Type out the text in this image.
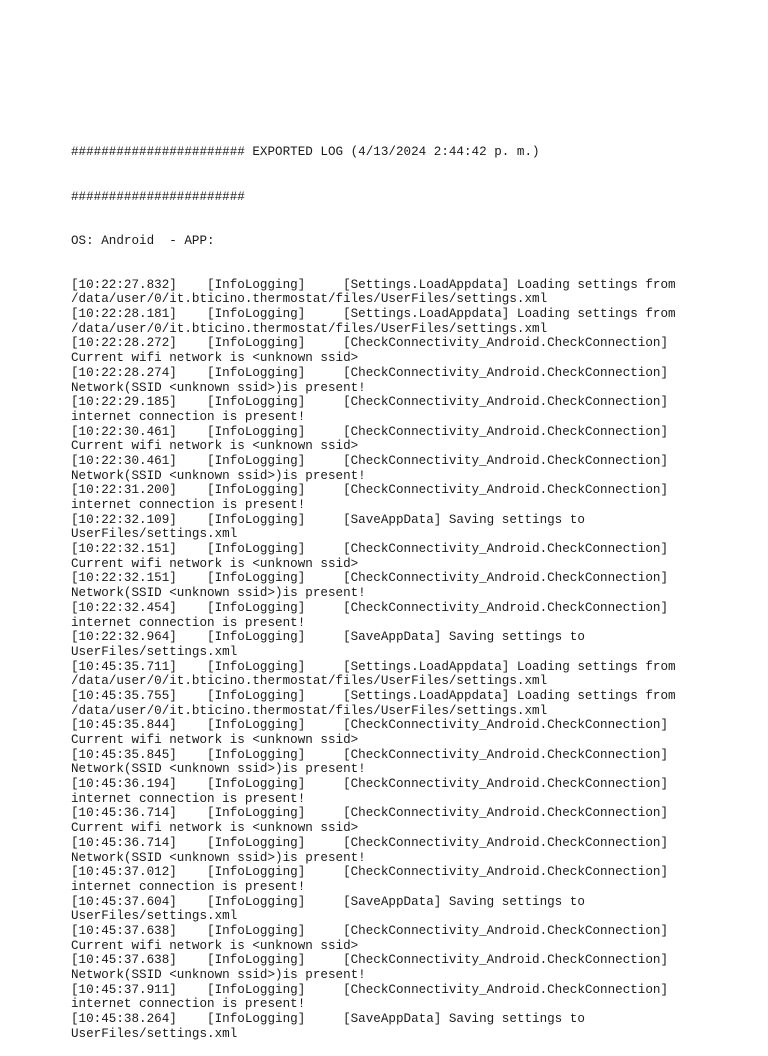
####################### EXPORTED LOG (4/13/2024 2:44:42 p. m.)

#######################

OS: Android  - APP:

[10:22:27.832]    [InfoLogging]     [Settings.LoadAppdata] Loading settings from
/data/user/0/it.bticino.thermostat/files/UserFiles/settings.xml
[10:22:28.181]    [InfoLogging]     [Settings.LoadAppdata] Loading settings from
/data/user/0/it.bticino.thermostat/files/UserFiles/settings.xml
[10:22:28.272]    [InfoLogging]     [CheckConnectivity_Android.CheckConnection]
Current wifi network is <unknown ssid>
[10:22:28.274]    [InfoLogging]     [CheckConnectivity_Android.CheckConnection]
Network(SSID <unknown ssid>)is present!
[10:22:29.185]    [InfoLogging]     [CheckConnectivity_Android.CheckConnection]
internet connection is present!
[10:22:30.461]    [InfoLogging]     [CheckConnectivity_Android.CheckConnection]
Current wifi network is <unknown ssid>
[10:22:30.461]    [InfoLogging]     [CheckConnectivity_Android.CheckConnection]
Network(SSID <unknown ssid>)is present!
[10:22:31.200]    [InfoLogging]     [CheckConnectivity_Android.CheckConnection]
internet connection is present!
[10:22:32.109]    [InfoLogging]     [SaveAppData] Saving settings to
UserFiles/settings.xml
[10:22:32.151]    [InfoLogging]     [CheckConnectivity_Android.CheckConnection]
Current wifi network is <unknown ssid>
[10:22:32.151]    [InfoLogging]     [CheckConnectivity_Android.CheckConnection]
Network(SSID <unknown ssid>)is present!
[10:22:32.454]    [InfoLogging]     [CheckConnectivity_Android.CheckConnection]
internet connection is present!
[10:22:32.964]    [InfoLogging]     [SaveAppData] Saving settings to
UserFiles/settings.xml
[10:45:35.711]    [InfoLogging]     [Settings.LoadAppdata] Loading settings from
/data/user/0/it.bticino.thermostat/files/UserFiles/settings.xml
[10:45:35.755]    [InfoLogging]     [Settings.LoadAppdata] Loading settings from
/data/user/0/it.bticino.thermostat/files/UserFiles/settings.xml
[10:45:35.844]    [InfoLogging]     [CheckConnectivity_Android.CheckConnection]
Current wifi network is <unknown ssid>
[10:45:35.845]    [InfoLogging]     [CheckConnectivity_Android.CheckConnection]
Network(SSID <unknown ssid>)is present!
[10:45:36.194]    [InfoLogging]     [CheckConnectivity_Android.CheckConnection]
internet connection is present!
[10:45:36.714]    [InfoLogging]     [CheckConnectivity_Android.CheckConnection]
Current wifi network is <unknown ssid>
[10:45:36.714]    [InfoLogging]     [CheckConnectivity_Android.CheckConnection]
Network(SSID <unknown ssid>)is present!
[10:45:37.012]    [InfoLogging]     [CheckConnectivity_Android.CheckConnection]
internet connection is present!
[10:45:37.604]    [InfoLogging]     [SaveAppData] Saving settings to
UserFiles/settings.xml
[10:45:37.638]    [InfoLogging]     [CheckConnectivity_Android.CheckConnection]
Current wifi network is <unknown ssid>
[10:45:37.638]    [InfoLogging]     [CheckConnectivity_Android.CheckConnection]
Network(SSID <unknown ssid>)is present!
[10:45:37.911]    [InfoLogging]     [CheckConnectivity_Android.CheckConnection]
internet connection is present!
[10:45:38.264]    [InfoLogging]     [SaveAppData] Saving settings to
UserFiles/settings.xml
